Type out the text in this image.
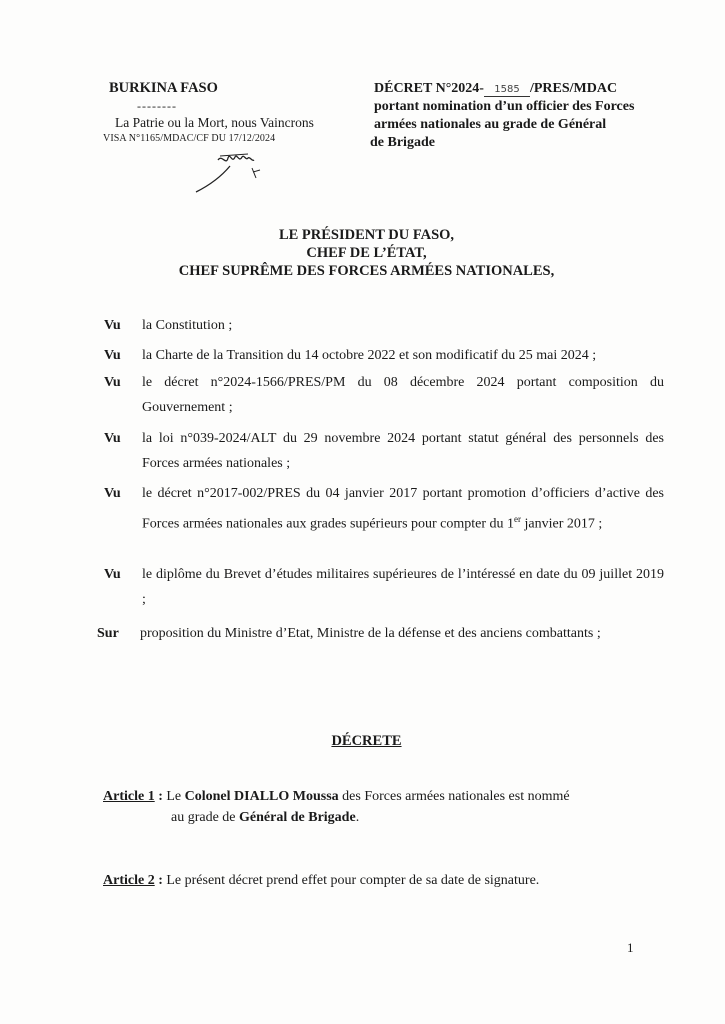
BURKINA FASO
--------
La Patrie ou la Mort, nous Vaincrons
VISA N°1165/MDAC/CF DU 17/12/2024
DÉCRET N°2024- 1585 /PRES/MDAC
portant nomination d’un officier des Forces
armées nationales au grade de Général
de Brigade
LE PRÉSIDENT DU FASO,
CHEF DE L’ÉTAT,
CHEF SUPRÊME DES FORCES ARMÉES NATIONALES,
Vu la Constitution ;
Vu la Charte de la Transition du 14 octobre 2022 et son modificatif du 25 mai 2024 ;
Vu le décret n°2024-1566/PRES/PM du 08 décembre 2024 portant composition du Gouvernement ;
Vu la loi n°039-2024/ALT du 29 novembre 2024 portant statut général des personnels des Forces armées nationales ;
Vu le décret n°2017-002/PRES du 04 janvier 2017 portant promotion d’officiers d’active des Forces armées nationales aux grades supérieurs pour compter du 1er janvier 2017 ;
Vu le diplôme du Brevet d’études militaires supérieures de l’intéressé en date du 09 juillet 2019 ;
Sur proposition du Ministre d’Etat, Ministre de la défense et des anciens combattants ;
DÉCRETE
Article 1 : Le Colonel DIALLO Moussa des Forces armées nationales est nommé
au grade de Général de Brigade.
Article 2 : Le présent décret prend effet pour compter de sa date de signature.
1
